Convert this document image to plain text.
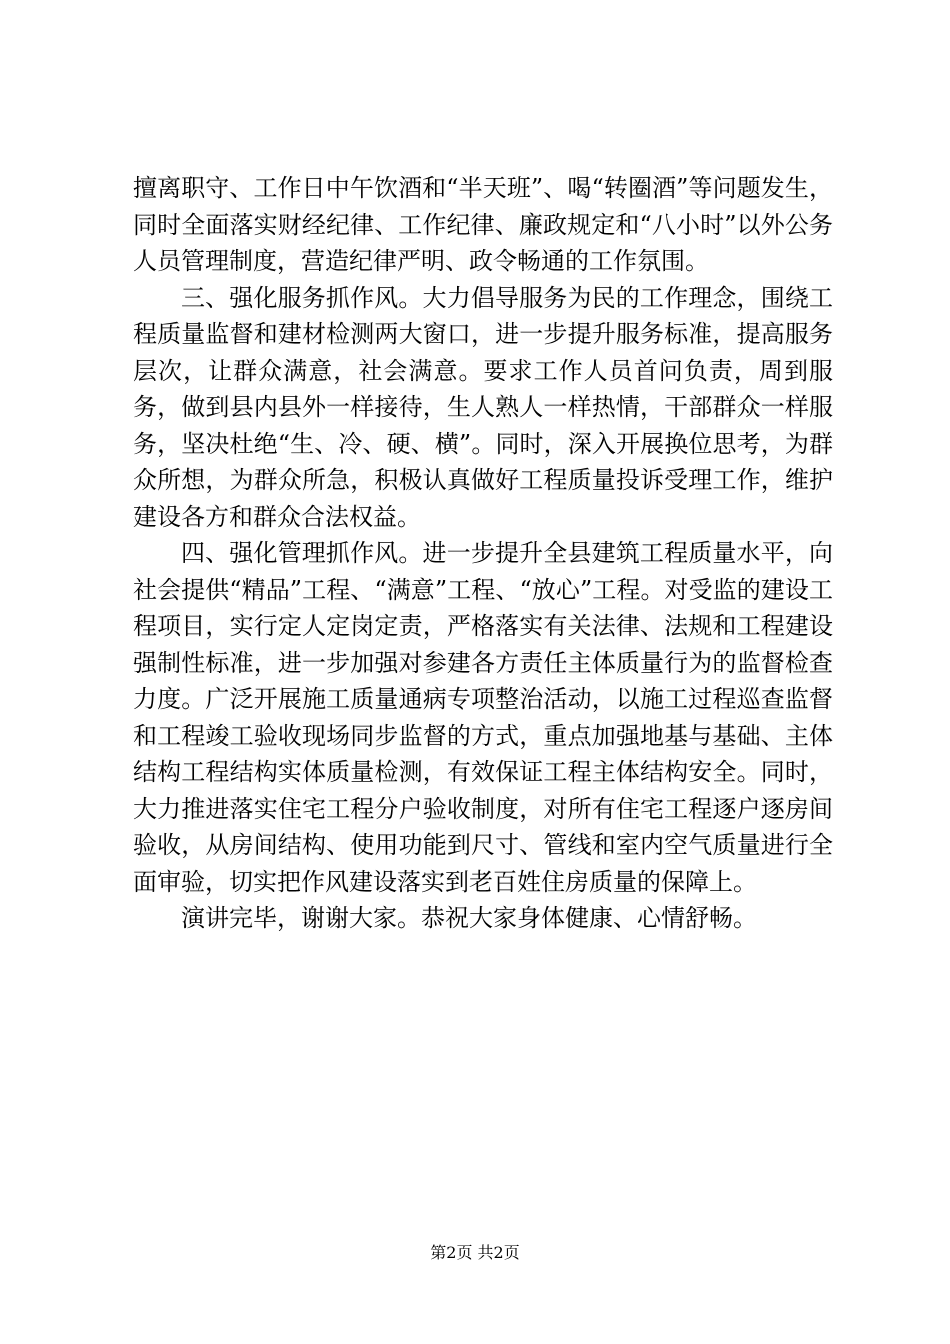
擅离职守、工作日中午饮酒和“半天班”、喝“转圈酒”等问题发生，同时全面落实财经纪律、工作纪律、廉政规定和“八小时”以外公务人员管理制度，营造纪律严明、政令畅通的工作氛围。

三、强化服务抓作风。大力倡导服务为民的工作理念，围绕工程质量监督和建材检测两大窗口，进一步提升服务标准，提高服务层次，让群众满意，社会满意。要求工作人员首问负责，周到服务，做到县内县外一样接待，生人熟人一样热情，干部群众一样服务，坚决杜绝“生、冷、硬、横”。同时，深入开展换位思考，为群众所想，为群众所急，积极认真做好工程质量投诉受理工作，维护建设各方和群众合法权益。

四、强化管理抓作风。进一步提升全县建筑工程质量水平，向社会提供“精品”工程、“满意”工程、“放心”工程。对受监的建设工程项目，实行定人定岗定责，严格落实有关法律、法规和工程建设强制性标准，进一步加强对参建各方责任主体质量行为的监督检查力度。广泛开展施工质量通病专项整治活动，以施工过程巡查监督和工程竣工验收现场同步监督的方式，重点加强地基与基础、主体结构工程结构实体质量检测，有效保证工程主体结构安全。同时，大力推进落实住宅工程分户验收制度，对所有住宅工程逐户逐房间验收，从房间结构、使用功能到尺寸、管线和室内空气质量进行全面审验，切实把作风建设落实到老百姓住房质量的保障上。

演讲完毕，谢谢大家。恭祝大家身体健康、心情舒畅。

第2页 共2页
